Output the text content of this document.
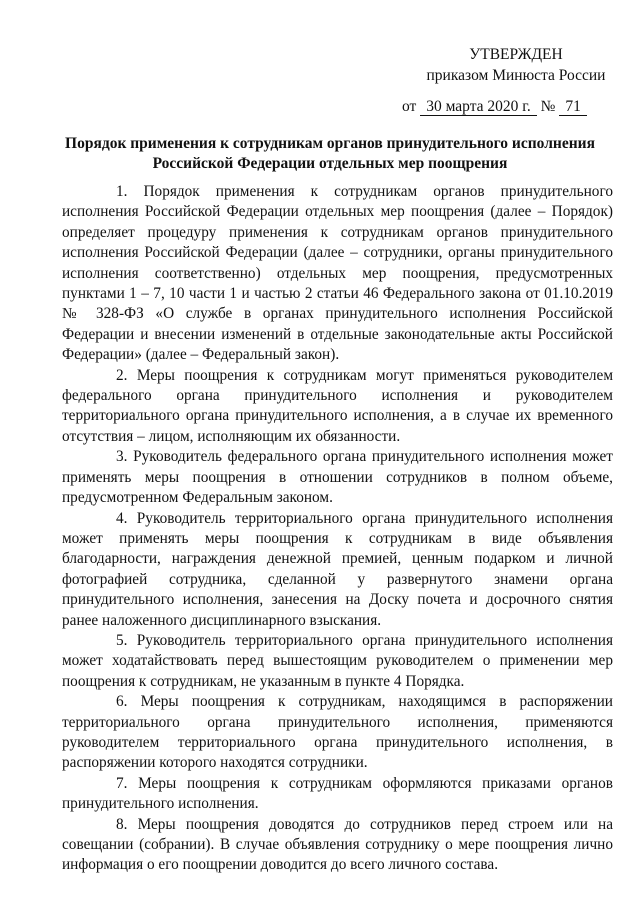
УТВЕРЖДЕН
приказом Минюста России
от 30 марта 2020 г. № 71
Порядок применения к сотрудникам органов принудительного исполнения
Российской Федерации отдельных мер поощрения

1. Порядок применения к сотрудникам органов принудительного исполнения Российской Федерации отдельных мер поощрения (далее – Порядок) определяет процедуру применения к сотрудникам органов принудительного исполнения Российской Федерации (далее – сотрудники, органы принудительного исполнения соответственно) отдельных мер поощрения, предусмотренных пунктами 1 – 7, 10 части 1 и частью 2 статьи 46 Федерального закона от 01.10.2019 № 328-ФЗ «О службе в органах принудительного исполнения Российской Федерации и внесении изменений в отдельные законодательные акты Российской Федерации» (далее – Федеральный закон).

2. Меры поощрения к сотрудникам могут применяться руководителем федерального органа принудительного исполнения и руководителем территориального органа принудительного исполнения, а в случае их временного отсутствия – лицом, исполняющим их обязанности.

3. Руководитель федерального органа принудительного исполнения может применять меры поощрения в отношении сотрудников в полном объеме, предусмотренном Федеральным законом.

4. Руководитель территориального органа принудительного исполнения может применять меры поощрения к сотрудникам в виде объявления благодарности, награждения денежной премией, ценным подарком и личной фотографией сотрудника, сделанной у развернутого знамени органа принудительного исполнения, занесения на Доску почета и досрочного снятия ранее наложенного дисциплинарного взыскания.

5. Руководитель территориального органа принудительного исполнения может ходатайствовать перед вышестоящим руководителем о применении мер поощрения к сотрудникам, не указанным в пункте 4 Порядка.

6. Меры поощрения к сотрудникам, находящимся в распоряжении территориального органа принудительного исполнения, применяются руководителем территориального органа принудительного исполнения, в распоряжении которого находятся сотрудники.

7. Меры поощрения к сотрудникам оформляются приказами органов принудительного исполнения.

8. Меры поощрения доводятся до сотрудников перед строем или на совещании (собрании). В случае объявления сотруднику о мере поощрения лично информация о его поощрении доводится до всего личного состава.
